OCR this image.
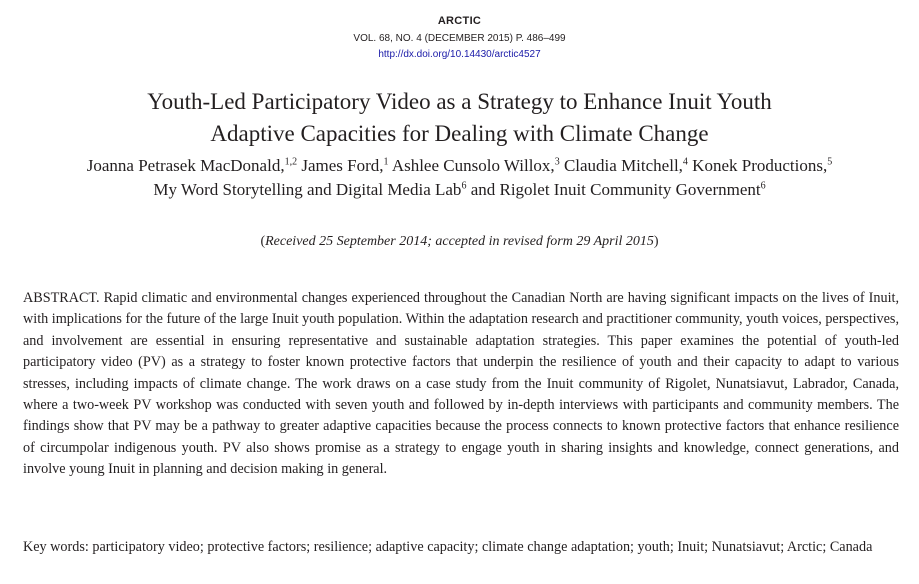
ARCTIC
VOL. 68, NO. 4 (DECEMBER 2015) P. 486–499
http://dx.doi.org/10.14430/arctic4527
Youth-Led Participatory Video as a Strategy to Enhance Inuit Youth
Adaptive Capacities for Dealing with Climate Change
Joanna Petrasek MacDonald,$^{1,2}$ James Ford,$^1$ Ashlee Cunsolo Willox,$^3$ Claudia Mitchell,$^4$ Konek Productions,$^5$
My Word Storytelling and Digital Media Lab$^6$ and Rigolet Inuit Community Government$^6$
(Received 25 September 2014; accepted in revised form 29 April 2015)
ABSTRACT. Rapid climatic and environmental changes experienced throughout the Canadian North are having significant impacts on the lives of Inuit, with implications for the future of the large Inuit youth population. Within the adaptation research and practitioner community, youth voices, perspectives, and involvement are essential in ensuring representative and sustainable adaptation strategies. This paper examines the potential of youth-led participatory video (PV) as a strategy to foster known protective factors that underpin the resilience of youth and their capacity to adapt to various stresses, including impacts of climate change. The work draws on a case study from the Inuit community of Rigolet, Nunatsiavut, Labrador, Canada, where a two-week PV workshop was conducted with seven youth and followed by in-depth interviews with participants and community members. The findings show that PV may be a pathway to greater adaptive capacities because the process connects to known protective factors that enhance resilience of circumpolar indigenous youth. PV also shows promise as a strategy to engage youth in sharing insights and knowledge, connect generations, and involve young Inuit in planning and decision making in general.
Key words: participatory video; protective factors; resilience; adaptive capacity; climate change adaptation; youth; Inuit; Nunatsiavut; Arctic; Canada
